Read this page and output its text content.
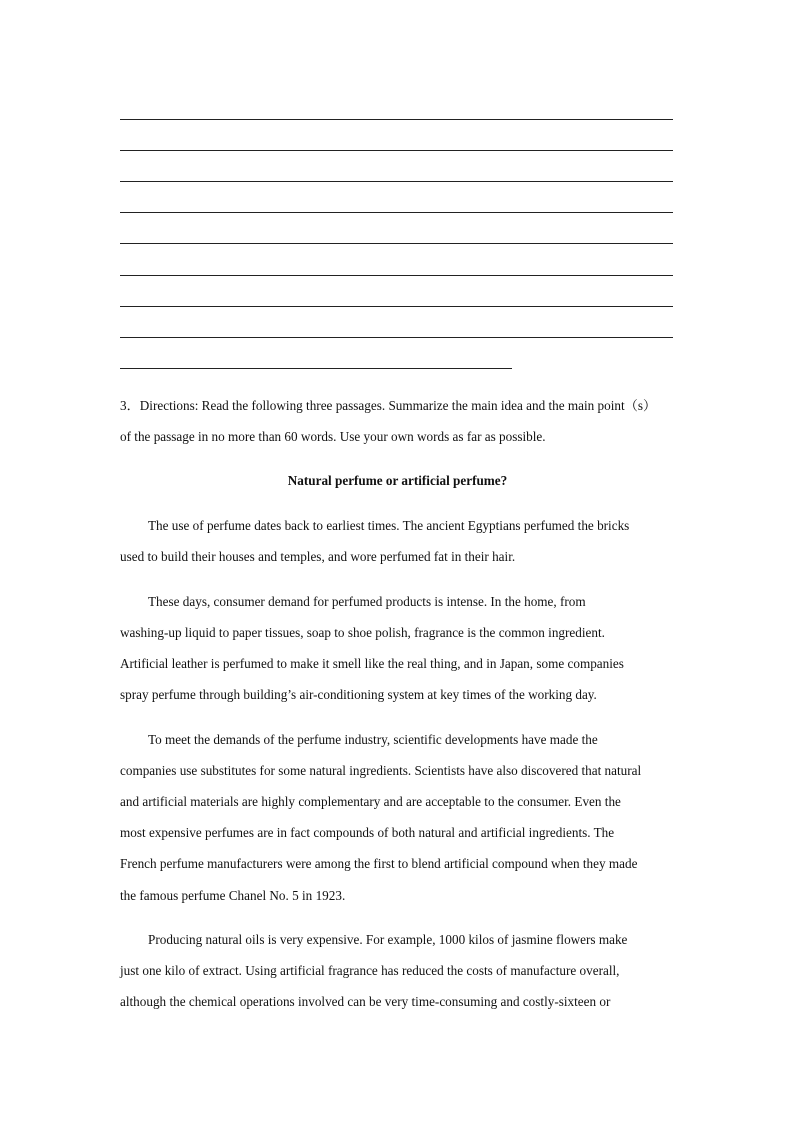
3．Directions: Read the following three passages. Summarize the main idea and the main point（s）
of the passage in no more than 60 words. Use your own words as far as possible.
Natural perfume or artificial perfume?
The use of perfume dates back to earliest times. The ancient Egyptians perfumed the bricks
used to build their houses and temples, and wore perfumed fat in their hair.
These days, consumer demand for perfumed products is intense. In the home, from
washing-up liquid to paper tissues, soap to shoe polish, fragrance is the common ingredient.
Artificial leather is perfumed to make it smell like the real thing, and in Japan, some companies
spray perfume through building’s air-conditioning system at key times of the working day.
To meet the demands of the perfume industry, scientific developments have made the
companies use substitutes for some natural ingredients. Scientists have also discovered that natural
and artificial materials are highly complementary and are acceptable to the consumer. Even the
most expensive perfumes are in fact compounds of both natural and artificial ingredients. The
French perfume manufacturers were among the first to blend artificial compound when they made
the famous perfume Chanel No. 5 in 1923.
Producing natural oils is very expensive. For example, 1000 kilos of jasmine flowers make
just one kilo of extract. Using artificial fragrance has reduced the costs of manufacture overall,
although the chemical operations involved can be very time-consuming and costly-sixteen or
